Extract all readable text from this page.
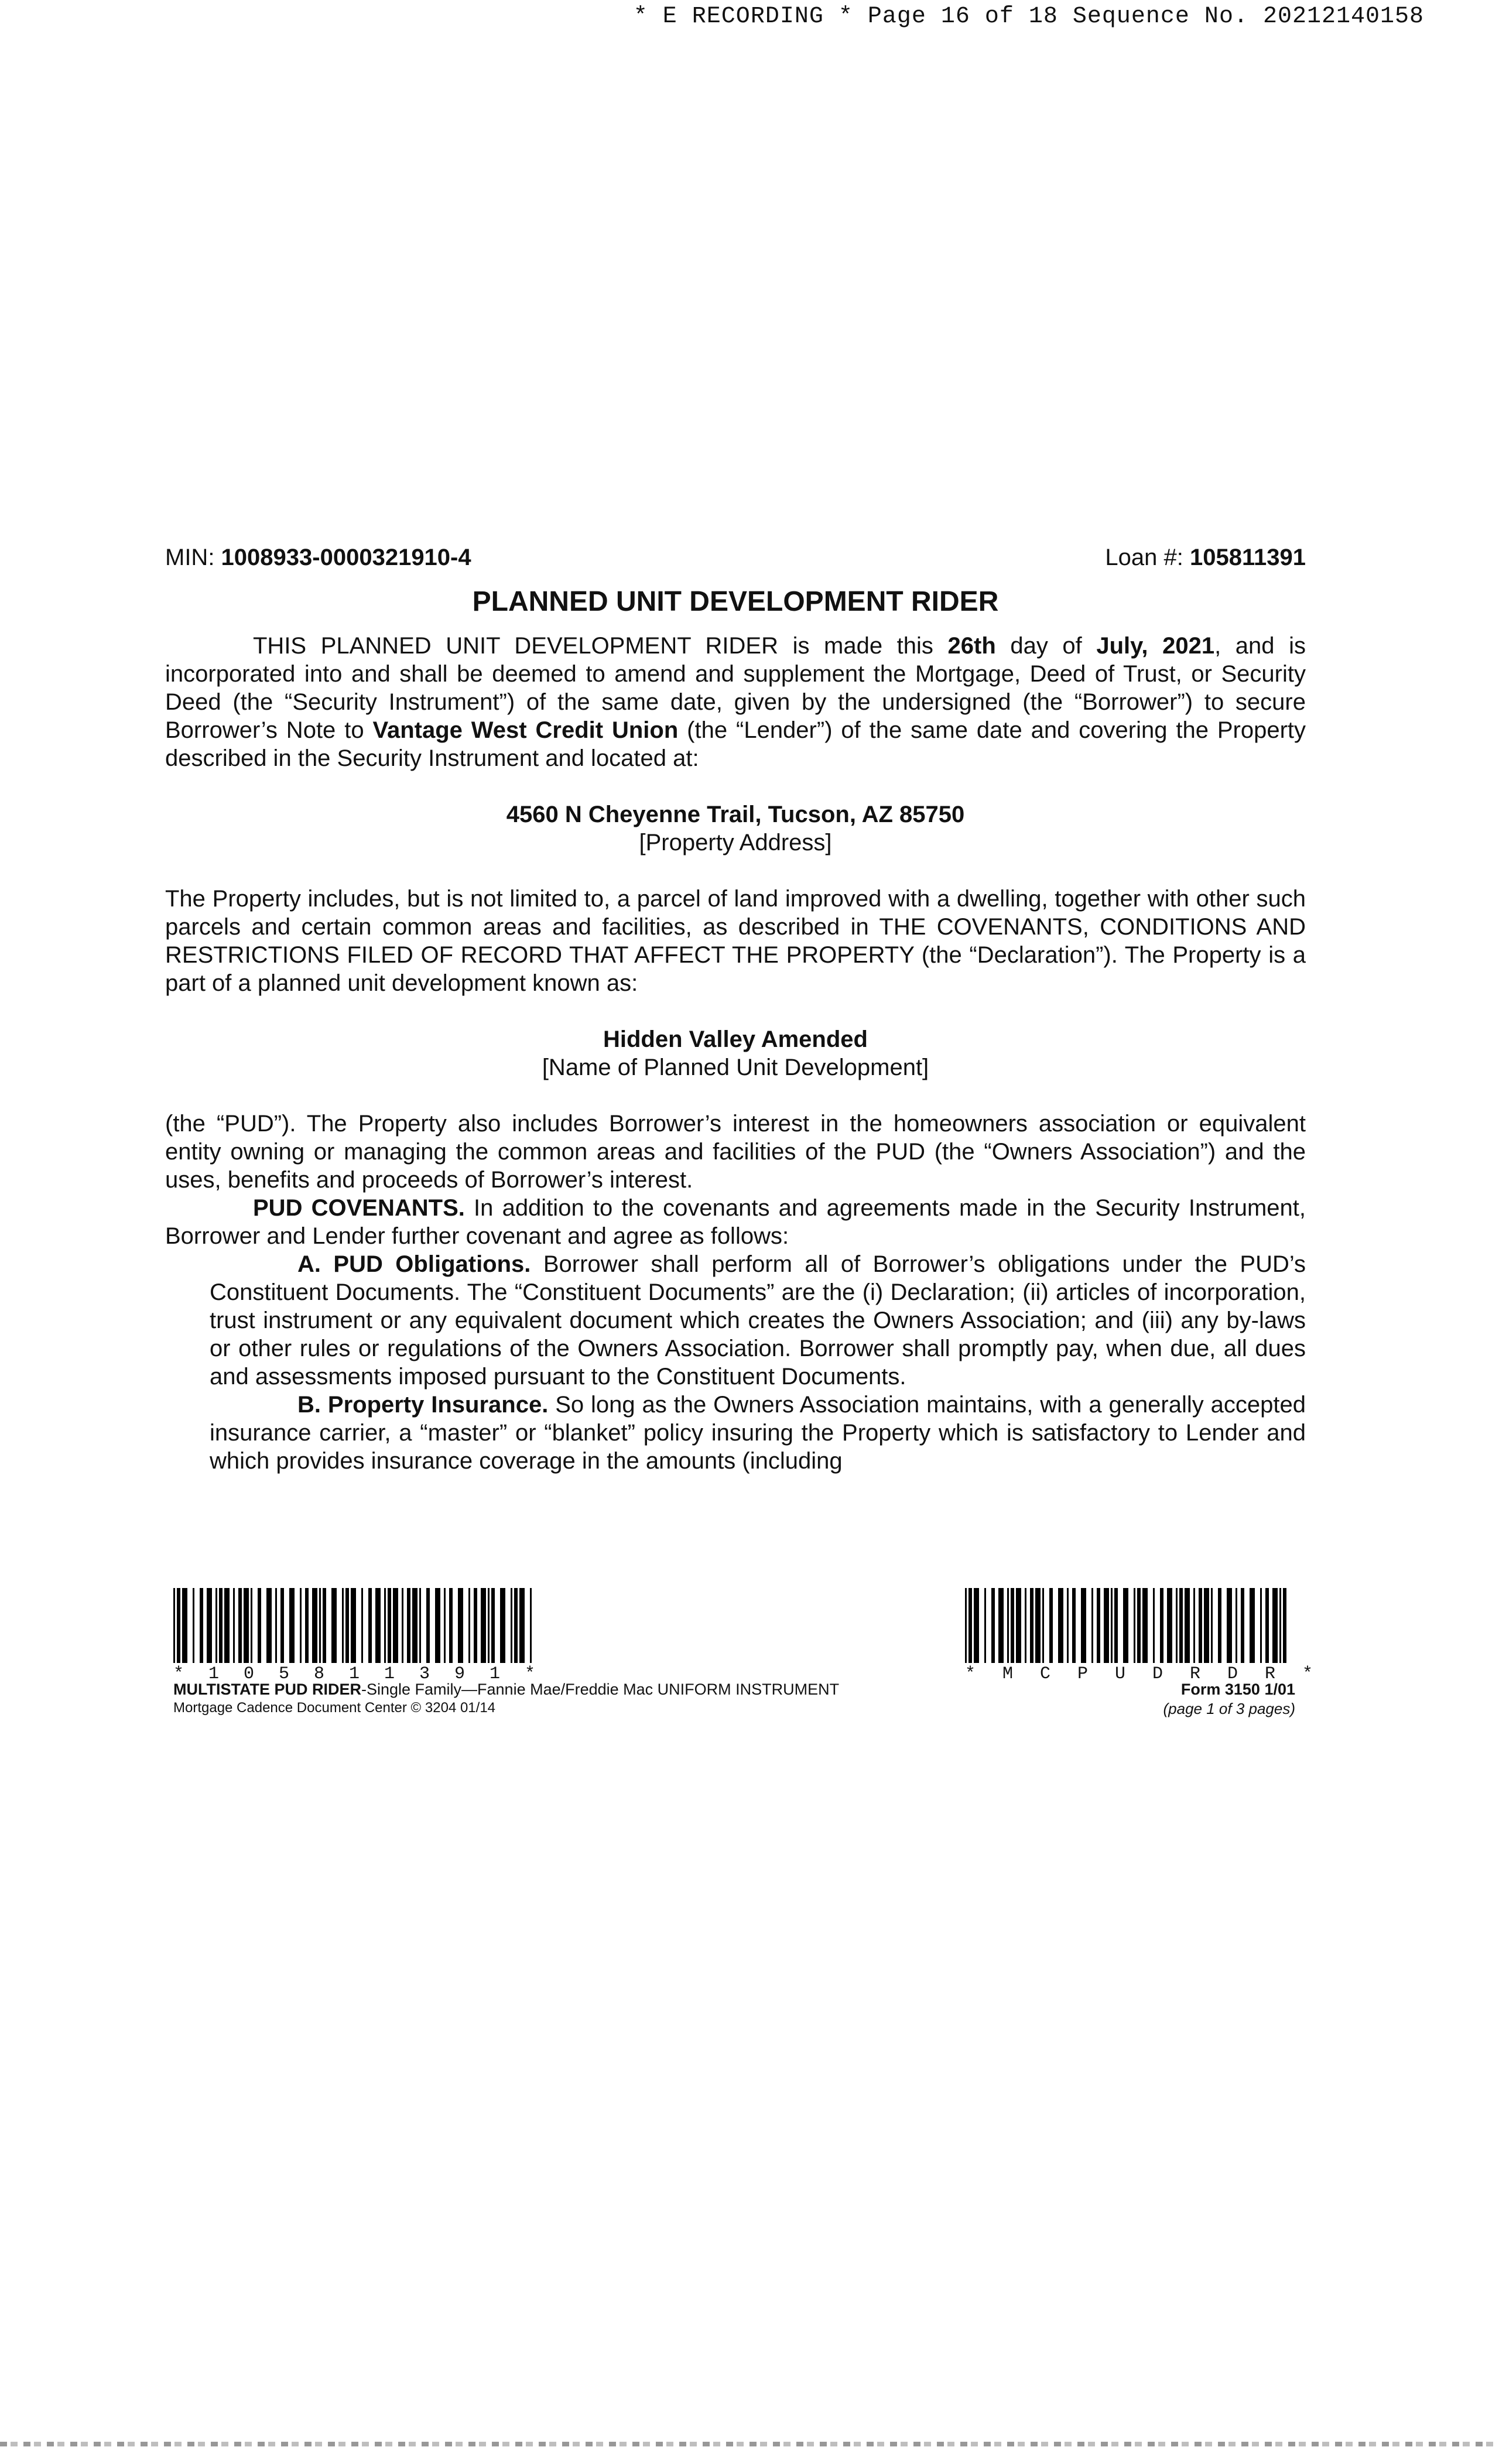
* E RECORDING * Page 16 of 18 Sequence No. 20212140158
MIN: 1008933-0000321910-4	Loan #: 105811391
PLANNED UNIT DEVELOPMENT RIDER

THIS PLANNED UNIT DEVELOPMENT RIDER is made this 26th day of July, 2021, and is incorporated into and shall be deemed to amend and supplement the Mortgage, Deed of Trust, or Security Deed (the “Security Instrument”) of the same date, given by the undersigned (the “Borrower”) to secure Borrower’s Note to Vantage West Credit Union (the “Lender”) of the same date and covering the Property described in the Security Instrument and located at:

4560 N Cheyenne Trail, Tucson, AZ 85750
[Property Address]

The Property includes, but is not limited to, a parcel of land improved with a dwelling, together with other such parcels and certain common areas and facilities, as described in THE COVENANTS, CONDITIONS AND RESTRICTIONS FILED OF RECORD THAT AFFECT THE PROPERTY (the “Declaration”). The Property is a part of a planned unit development known as:

Hidden Valley Amended
[Name of Planned Unit Development]

(the “PUD”). The Property also includes Borrower’s interest in the homeowners association or equivalent entity owning or managing the common areas and facilities of the PUD (the “Owners Association”) and the uses, benefits and proceeds of Borrower’s interest.

PUD COVENANTS. In addition to the covenants and agreements made in the Security Instrument, Borrower and Lender further covenant and agree as follows:

A. PUD Obligations. Borrower shall perform all of Borrower’s obligations under the PUD’s Constituent Documents. The “Constituent Documents” are the (i) Declaration; (ii) articles of incorporation, trust instrument or any equivalent document which creates the Owners Association; and (iii) any by-laws or other rules or regulations of the Owners Association. Borrower shall promptly pay, when due, all dues and assessments imposed pursuant to the Constituent Documents.

B. Property Insurance. So long as the Owners Association maintains, with a generally accepted insurance carrier, a “master” or “blanket” policy insuring the Property which is satisfactory to Lender and which provides insurance coverage in the amounts (including

*105811391*	*MCPUDRDR*
MULTISTATE PUD RIDER-Single Family—Fannie Mae/Freddie Mac UNIFORM INSTRUMENT
Mortgage Cadence Document Center © 3204 01/14
Form 3150 1/01
(page 1 of 3 pages)
